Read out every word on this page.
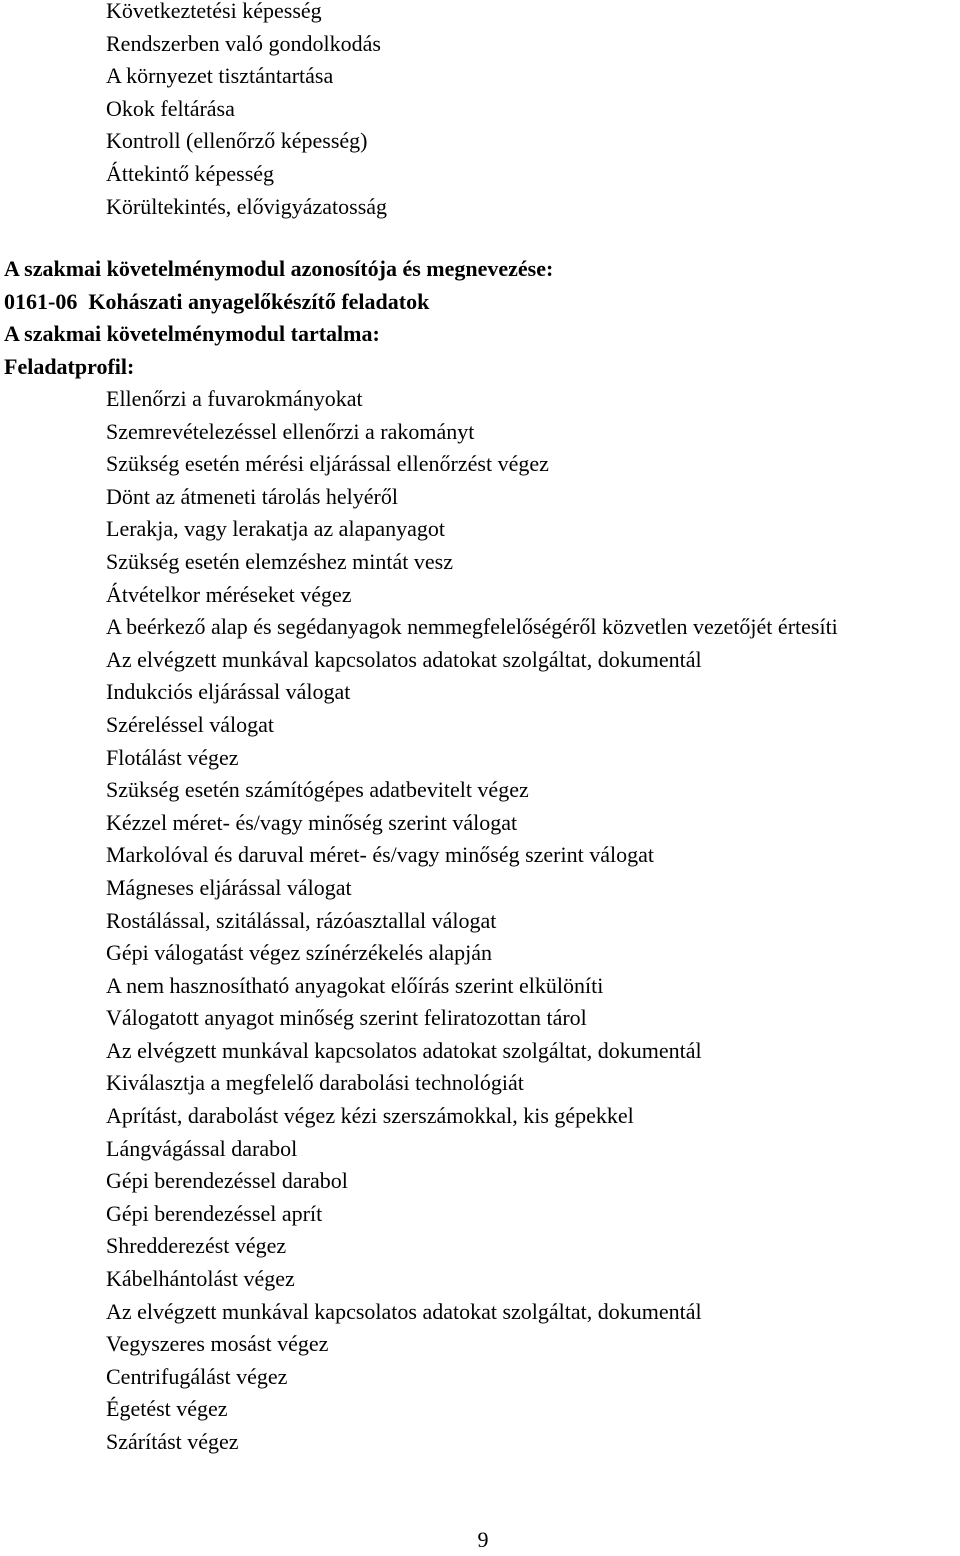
Következtetési képesség
Rendszerben való gondolkodás
A környezet tisztántartása
Okok feltárása
Kontroll (ellenőrző képesség)
Áttekintő képesség
Körültekintés, elővigyázatosság
A szakmai követelménymodul azonosítója és megnevezése:
0161-06  Kohászati anyagelőkészítő feladatok
A szakmai követelménymodul tartalma:
Feladatprofil:
Ellenőrzi a fuvarokmányokat
Szemrevételezéssel ellenőrzi a rakományt
Szükség esetén mérési eljárással ellenőrzést végez
Dönt az átmeneti tárolás helyéről
Lerakja, vagy lerakatja az alapanyagot
Szükség esetén elemzéshez mintát vesz
Átvételkor méréseket végez
A beérkező alap és segédanyagok nemmegfelelőségéről közvetlen vezetőjét értesíti
Az elvégzett munkával kapcsolatos adatokat szolgáltat, dokumentál
Indukciós eljárással válogat
Széreléssel válogat
Flotálást végez
Szükség esetén számítógépes adatbevitelt végez
Kézzel méret- és/vagy minőség szerint válogat
Markolóval és daruval méret- és/vagy minőség szerint válogat
Mágneses eljárással válogat
Rostálással, szitálással, rázóasztallal válogat
Gépi válogatást végez színérzékelés alapján
A nem hasznosítható anyagokat előírás szerint elkülöníti
Válogatott anyagot minőség szerint feliratozottan tárol
Az elvégzett munkával kapcsolatos adatokat szolgáltat, dokumentál
Kiválasztja a megfelelő darabolási technológiát
Aprítást, darabolást végez kézi szerszámokkal, kis gépekkel
Lángvágással darabol
Gépi berendezéssel darabol
Gépi berendezéssel aprít
Shredderezést végez
Kábelhántolást végez
Az elvégzett munkával kapcsolatos adatokat szolgáltat, dokumentál
Vegyszeres mosást végez
Centrifugálást végez
Égetést végez
Szárítást végez
9
